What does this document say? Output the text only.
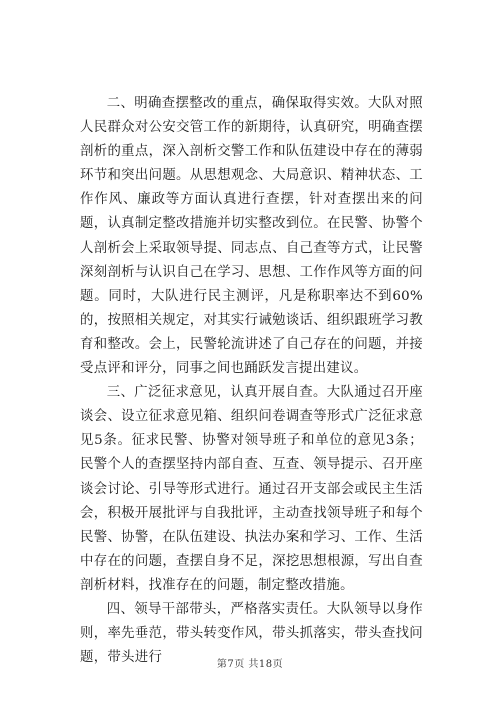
二、明确查摆整改的重点，确保取得实效。大队对照人民群众对公安交管工作的新期待，认真研究，明确查摆剖析的重点，深入剖析交警工作和队伍建设中存在的薄弱环节和突出问题。从思想观念、大局意识、精神状态、工作作风、廉政等方面认真进行查摆，针对查摆出来的问题，认真制定整改措施并切实整改到位。在民警、协警个人剖析会上采取领导提、同志点、自己查等方式，让民警深刻剖析与认识自己在学习、思想、工作作风等方面的问题。同时，大队进行民主测评，凡是称职率达不到60%的，按照相关规定，对其实行诫勉谈话、组织跟班学习教育和整改。会上，民警轮流讲述了自己存在的问题，并接受点评和评分，同事之间也踊跃发言提出建议。

三、广泛征求意见，认真开展自查。大队通过召开座谈会、设立征求意见箱、组织问卷调查等形式广泛征求意见5条。征求民警、协警对领导班子和单位的意见3条；民警个人的查摆坚持内部自查、互查、领导提示、召开座谈会讨论、引导等形式进行。通过召开支部会或民主生活会，积极开展批评与自我批评，主动查找领导班子和每个民警、协警，在队伍建设、执法办案和学习、工作、生活中存在的问题，查摆自身不足，深挖思想根源，写出自查剖析材料，找准存在的问题，制定整改措施。

四、领导干部带头，严格落实责任。大队领导以身作则，率先垂范，带头转变作风，带头抓落实，带头查找问题，带头进行	第7页 共18页
